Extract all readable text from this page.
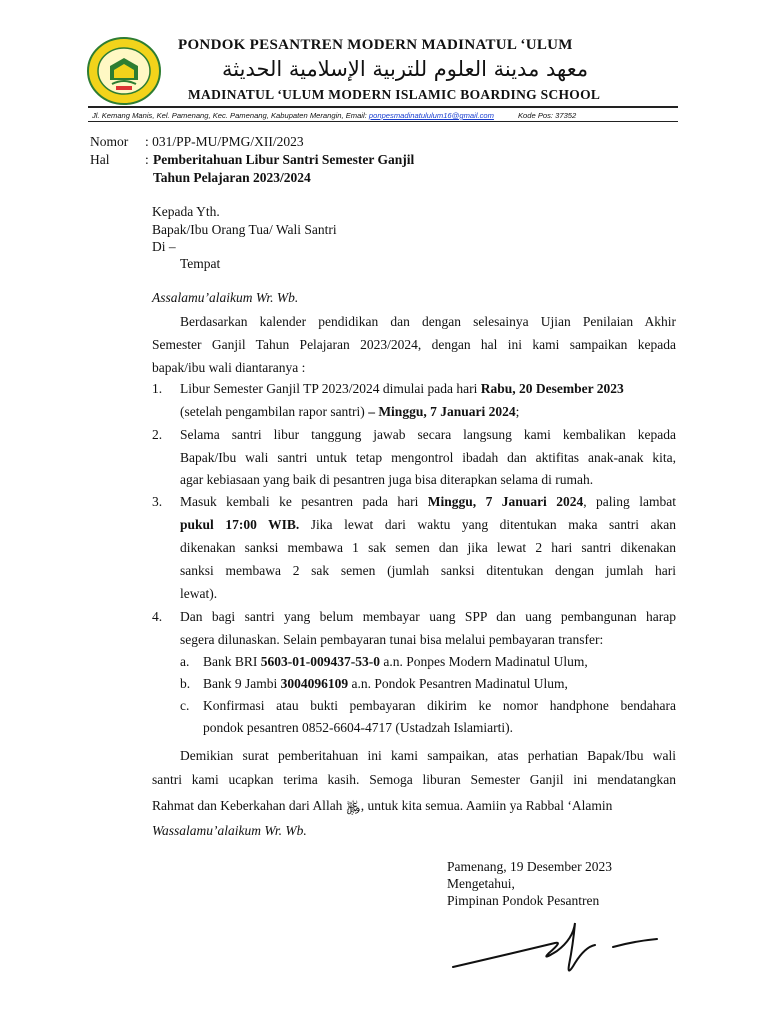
PONDOK PESANTREN MODERN MADINATUL ‘ULUM
معهد مدينة العلوم للتربية الإسلامية الحديثة
MADINATUL ‘ULUM MODERN ISLAMIC BOARDING SCHOOL
Jl. Kemang Manis, Kel. Pamenang, Kec. Pamenang, Kabupaten Merangin, Email: ponpesmadinatululum16@gmail.com	Kode Pos: 37352
Nomor : 031/PP-MU/PMG/XII/2023
Hal	: Pemberitahuan Libur Santri Semester Ganjil
Tahun Pelajaran 2023/2024
Kepada Yth.
Bapak/Ibu Orang Tua/ Wali Santri
Di –
Tempat
Assalamu’alaikum Wr. Wb.
Berdasarkan kalender pendidikan dan dengan selesainya Ujian Penilaian Akhir
Semester Ganjil Tahun Pelajaran 2023/2024, dengan hal ini kami sampaikan kepada
bapak/ibu wali diantaranya :
1. Libur Semester Ganjil TP 2023/2024 dimulai pada hari Rabu, 20 Desember 2023
(setelah pengambilan rapor santri) – Minggu, 7 Januari 2024;
2. Selama santri libur tanggung jawab secara langsung kami kembalikan kepada
Bapak/Ibu wali santri untuk tetap mengontrol ibadah dan aktifitas anak-anak kita,
agar kebiasaan yang baik di pesantren juga bisa diterapkan selama di rumah.
3. Masuk kembali ke pesantren pada hari Minggu, 7 Januari 2024, paling lambat
pukul 17:00 WIB. Jika lewat dari waktu yang ditentukan maka santri akan
dikenakan sanksi membawa 1 sak semen dan jika lewat 2 hari santri dikenakan
sanksi membawa 2 sak semen (jumlah sanksi ditentukan dengan jumlah hari
lewat).
4. Dan bagi santri yang belum membayar uang SPP dan uang pembangunan harap
segera dilunaskan. Selain pembayaran tunai bisa melalui pembayaran transfer:
a. Bank BRI 5603-01-009437-53-0 a.n. Ponpes Modern Madinatul Ulum,
b. Bank 9 Jambi 3004096109 a.n. Pondok Pesantren Madinatul Ulum,
c. Konfirmasi atau bukti pembayaran dikirim ke nomor handphone bendahara
pondok pesantren 0852-6604-4717 (Ustadzah Islamiarti).
Demikian surat pemberitahuan ini kami sampaikan, atas perhatian Bapak/Ibu wali
santri kami ucapkan terima kasih. Semoga liburan Semester Ganjil ini mendatangkan
Rahmat dan Keberkahan dari Allah ﷿, untuk kita semua. Aamiin ya Rabbal ‘Alamin
Wassalamu’alaikum Wr. Wb.
Pamenang, 19 Desember 2023
Mengetahui,
Pimpinan Pondok Pesantren
